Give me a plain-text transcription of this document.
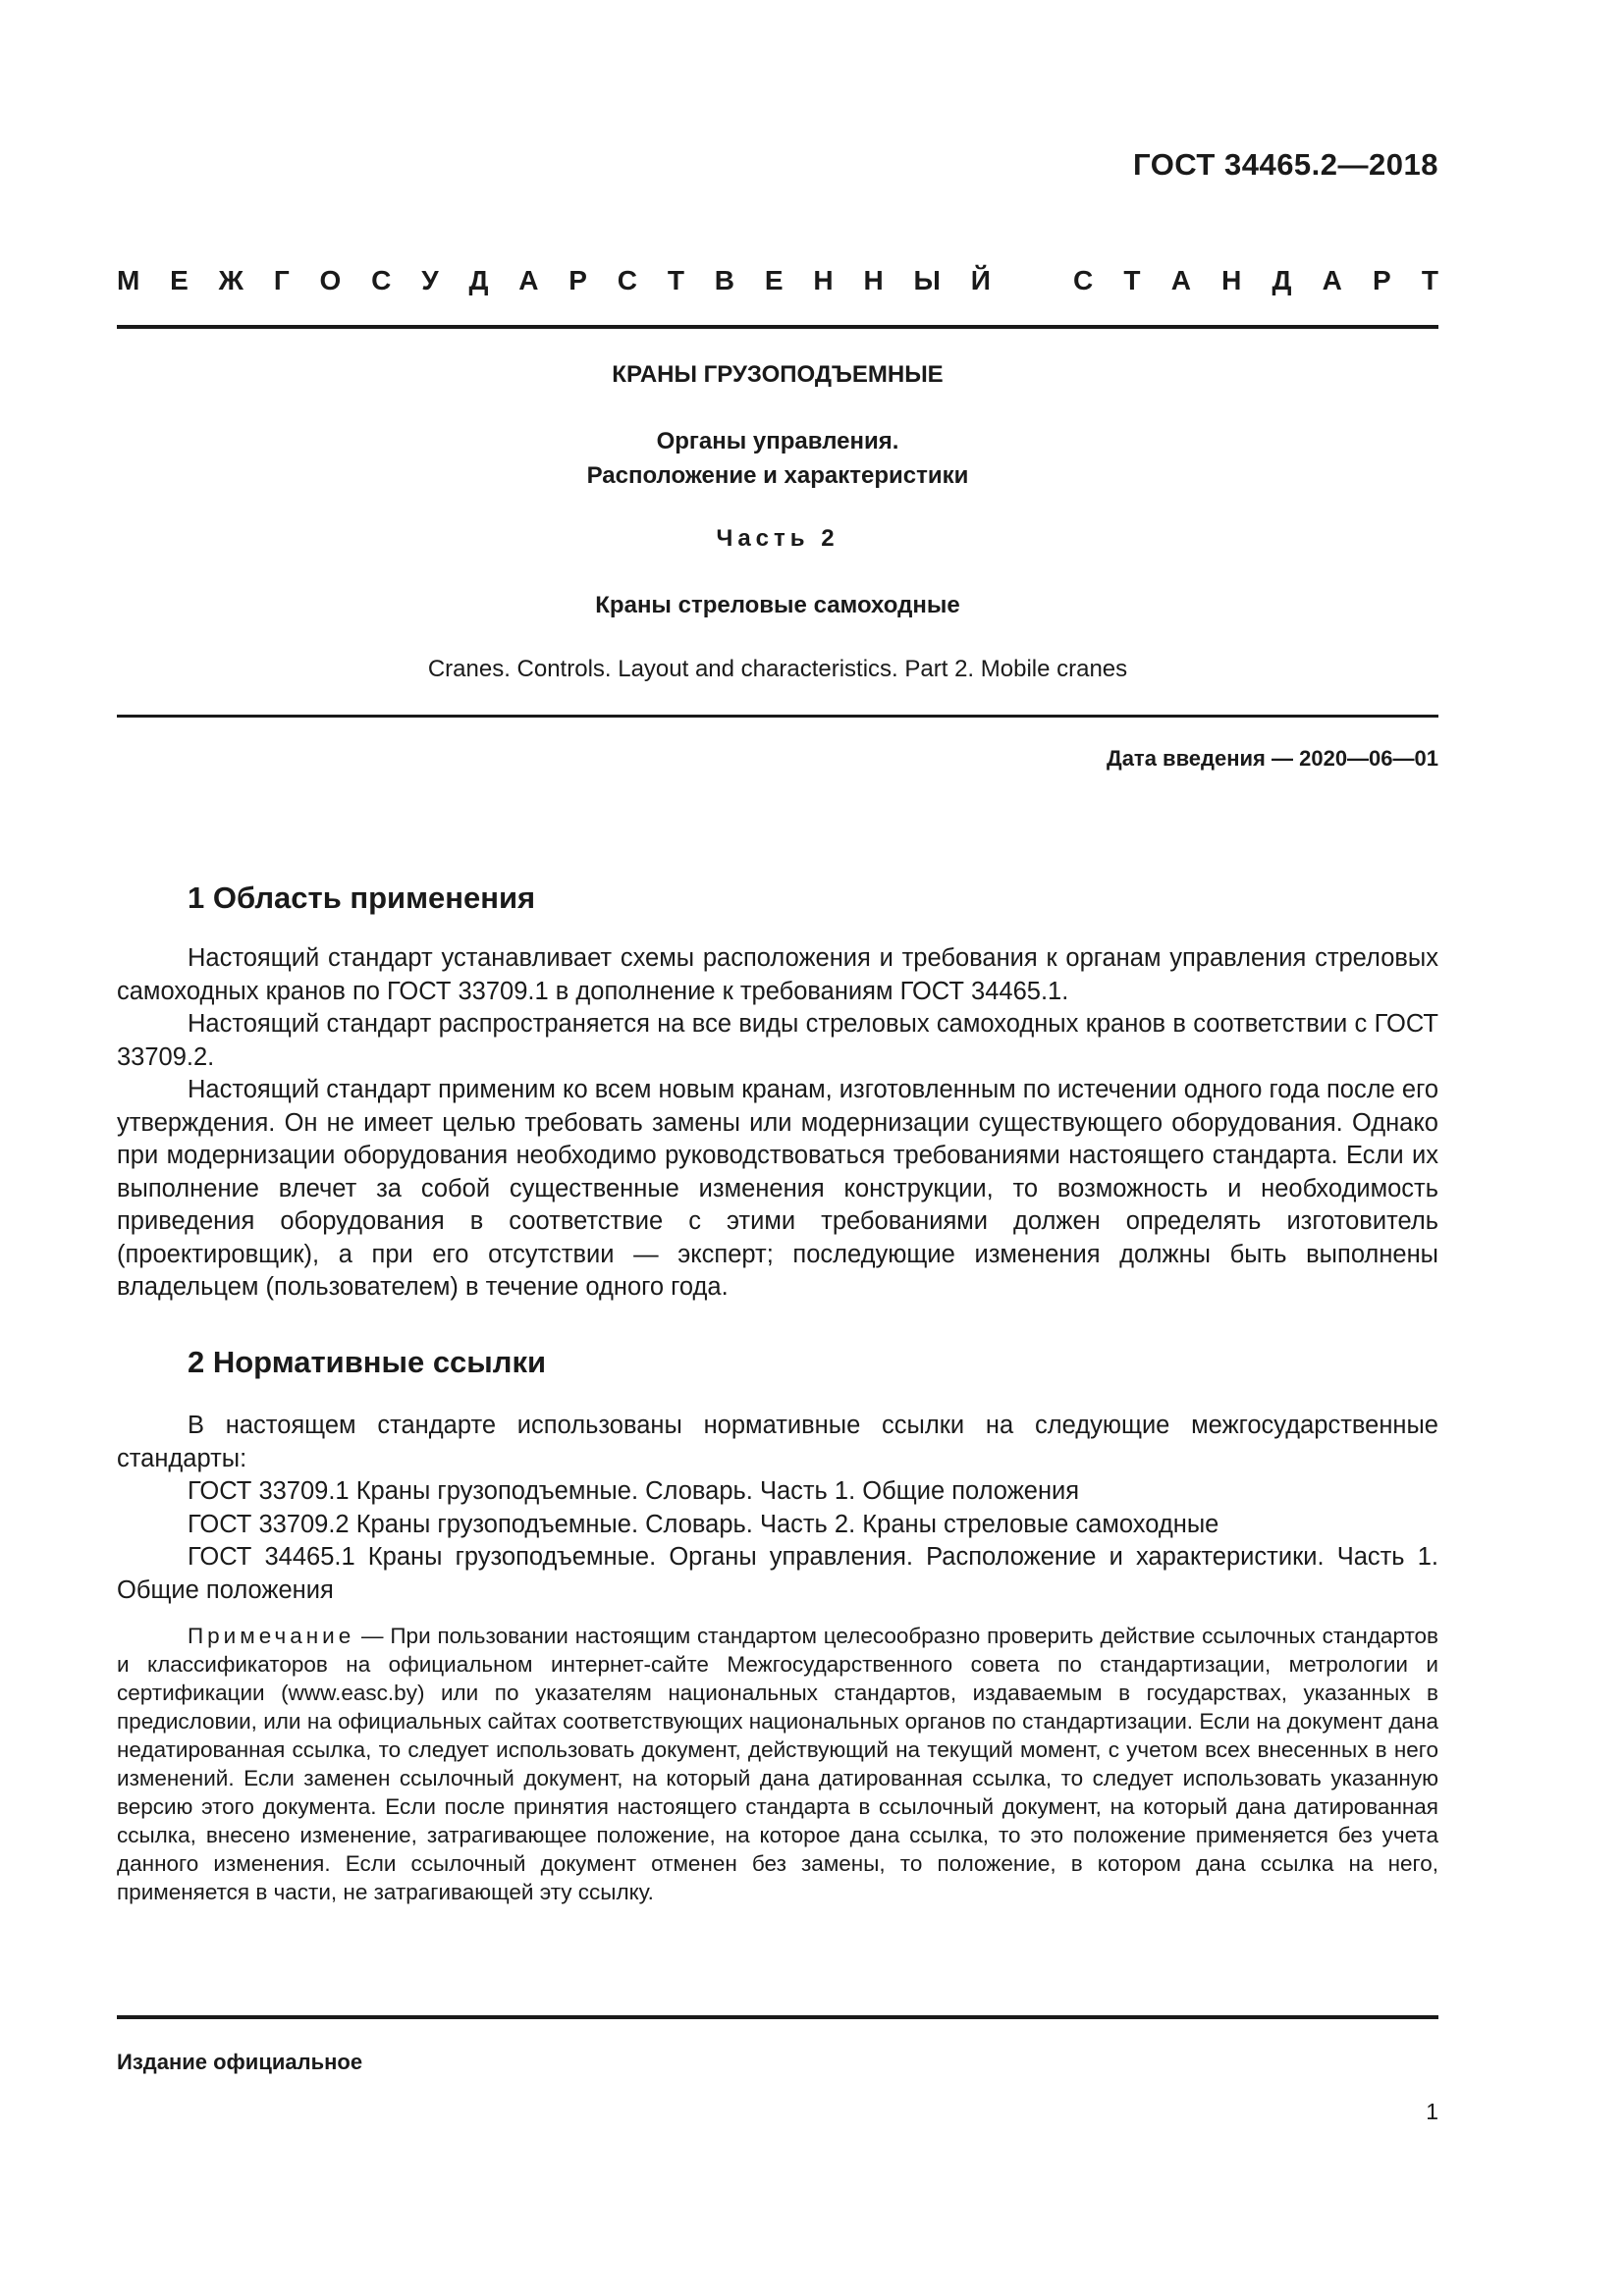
ГОСТ 34465.2—2018
М Е Ж Г О С У Д А Р С Т В Е Н Н Ы Й	С Т А Н Д А Р Т
КРАНЫ ГРУЗОПОДЪЕМНЫЕ
Органы управления.
Расположение и характеристики
Часть 2
Краны стреловые самоходные
Cranes. Controls. Layout and characteristics. Part 2. Mobile cranes
Дата введения — 2020—06—01
1 Область применения

Настоящий стандарт устанавливает схемы расположения и требования к органам управления стреловых самоходных кранов по ГОСТ 33709.1 в дополнение к требованиям ГОСТ 34465.1.

Настоящий стандарт распространяется на все виды стреловых самоходных кранов в соответствии с ГОСТ 33709.2.

Настоящий стандарт применим ко всем новым кранам, изготовленным по истечении одного года после его утверждения. Он не имеет целью требовать замены или модернизации существующего оборудования. Однако при модернизации оборудования необходимо руководствоваться требованиями настоящего стандарта. Если их выполнение влечет за собой существенные изменения конструкции, то возможность и необходимость приведения оборудования в соответствие с этими требованиями должен определять изготовитель (проектировщик), а при его отсутствии — эксперт; последующие изменения должны быть выполнены владельцем (пользователем) в течение одного года.

2 Нормативные ссылки

В настоящем стандарте использованы нормативные ссылки на следующие межгосударственные стандарты:

ГОСТ 33709.1 Краны грузоподъемные. Словарь. Часть 1. Общие положения

ГОСТ 33709.2 Краны грузоподъемные. Словарь. Часть 2. Краны стреловые самоходные

ГОСТ 34465.1 Краны грузоподъемные. Органы управления. Расположение и характеристики. Часть 1. Общие положения

Примечание — При пользовании настоящим стандартом целесообразно проверить действие ссылочных стандартов и классификаторов на официальном интернет-сайте Межгосударственного совета по стандартизации, метрологии и сертификации (www.easc.by) или по указателям национальных стандартов, издаваемым в государствах, указанных в предисловии, или на официальных сайтах соответствующих национальных органов по стандартизации. Если на документ дана недатированная ссылка, то следует использовать документ, действующий на текущий момент, с учетом всех внесенных в него изменений. Если заменен ссылочный документ, на который дана датированная ссылка, то следует использовать указанную версию этого документа. Если после принятия настоящего стандарта в ссылочный документ, на который дана датированная ссылка, внесено изменение, затрагивающее положение, на которое дана ссылка, то это положение применяется без учета данного изменения. Если ссылочный документ отменен без замены, то положение, в котором дана ссылка на него, применяется в части, не затрагивающей эту ссылку.
Издание официальное
1
